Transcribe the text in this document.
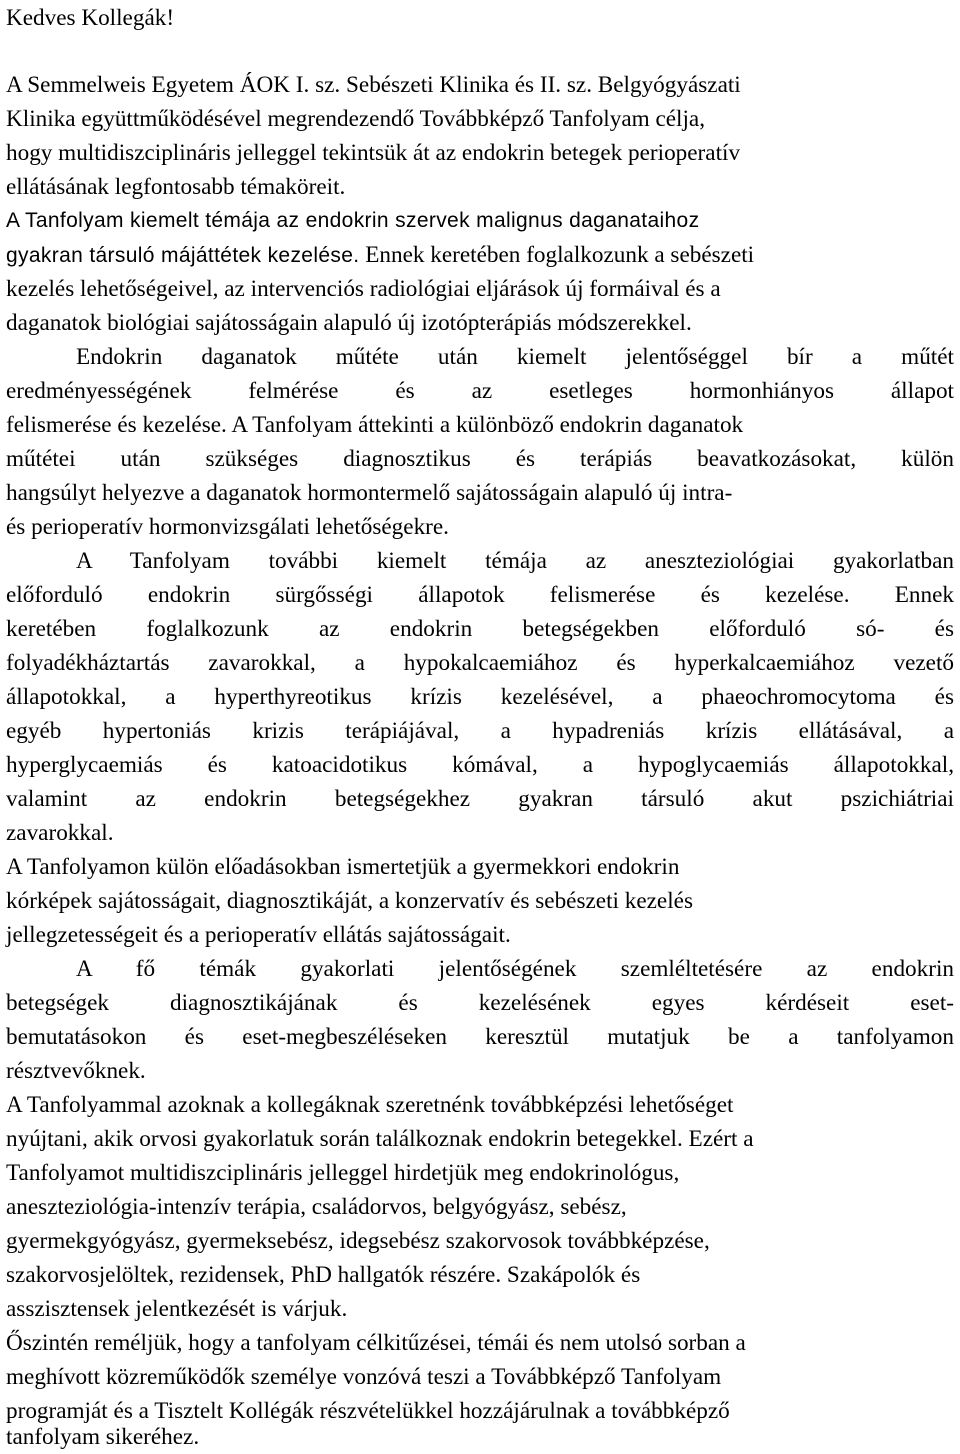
Kedves Kollegák!
A Semmelweis Egyetem ÁOK I. sz. Sebészeti Klinika és II. sz. Belgyógyászati
Klinika együttműködésével megrendezendő Továbbképző Tanfolyam célja,
hogy multidiszciplináris jelleggel tekintsük át az endokrin betegek perioperatív
ellátásának legfontosabb témaköreit.
A Tanfolyam kiemelt témája az endokrin szervek malignus daganataihoz
gyakran társuló májáttétek kezelése. Ennek keretében foglalkozunk a sebészeti
kezelés lehetőségeivel, az intervenciós radiológiai eljárások új formáival és a
daganatok biológiai sajátosságain alapuló új izotópterápiás módszerekkel.
Endokrin daganatok műtéte után kiemelt jelentőséggel bír a műtét
eredményességének felmérése és az esetleges hormonhiányos állapot
felismerése és kezelése. A Tanfolyam áttekinti a különböző endokrin daganatok
műtétei után szükséges diagnosztikus és terápiás beavatkozásokat, külön
hangsúlyt helyezve a daganatok hormontermelő sajátosságain alapuló új intra-
és perioperatív hormonvizsgálati lehetőségekre.
A Tanfolyam további kiemelt témája az aneszteziológiai gyakorlatban
előforduló endokrin sürgősségi állapotok felismerése és kezelése. Ennek
keretében foglalkozunk az endokrin betegségekben előforduló só- és
folyadékháztartás zavarokkal, a hypokalcaemiához és hyperkalcaemiához vezető
állapotokkal, a hyperthyreotikus krízis kezelésével, a phaeochromocytoma és
egyéb hypertoniás krizis terápiájával, a hypadreniás krízis ellátásával, a
hyperglycaemiás és katoacidotikus kómával, a hypoglycaemiás állapotokkal,
valamint az endokrin betegségekhez gyakran társuló akut pszichiátriai
zavarokkal.
A Tanfolyamon külön előadásokban ismertetjük a gyermekkori endokrin
kórképek sajátosságait, diagnosztikáját, a konzervatív és sebészeti kezelés
jellegzetességeit és a perioperatív ellátás sajátosságait.
A fő témák gyakorlati jelentőségének szemléltetésére az endokrin
betegségek diagnosztikájának és kezelésének egyes kérdéseit eset-
bemutatásokon és eset-megbeszéléseken keresztül mutatjuk be a tanfolyamon
résztvevőknek.
A Tanfolyammal azoknak a kollegáknak szeretnénk továbbképzési lehetőséget
nyújtani, akik orvosi gyakorlatuk során találkoznak endokrin betegekkel. Ezért a
Tanfolyamot multidiszciplináris jelleggel hirdetjük meg endokrinológus,
aneszteziológia-intenzív terápia, családorvos, belgyógyász, sebész,
gyermekgyógyász, gyermeksebész, idegsebész szakorvosok továbbképzése,
szakorvosjelöltek, rezidensek, PhD hallgatók részére. Szakápolók és
asszisztensek jelentkezését is várjuk.
Őszintén reméljük, hogy a tanfolyam célkitűzései, témái és nem utolsó sorban a
meghívott közreműködők személye vonzóvá teszi a Továbbképző Tanfolyam
programját és a Tisztelt Kollégák részvételükkel hozzájárulnak a továbbképző
tanfolyam sikeréhez.
